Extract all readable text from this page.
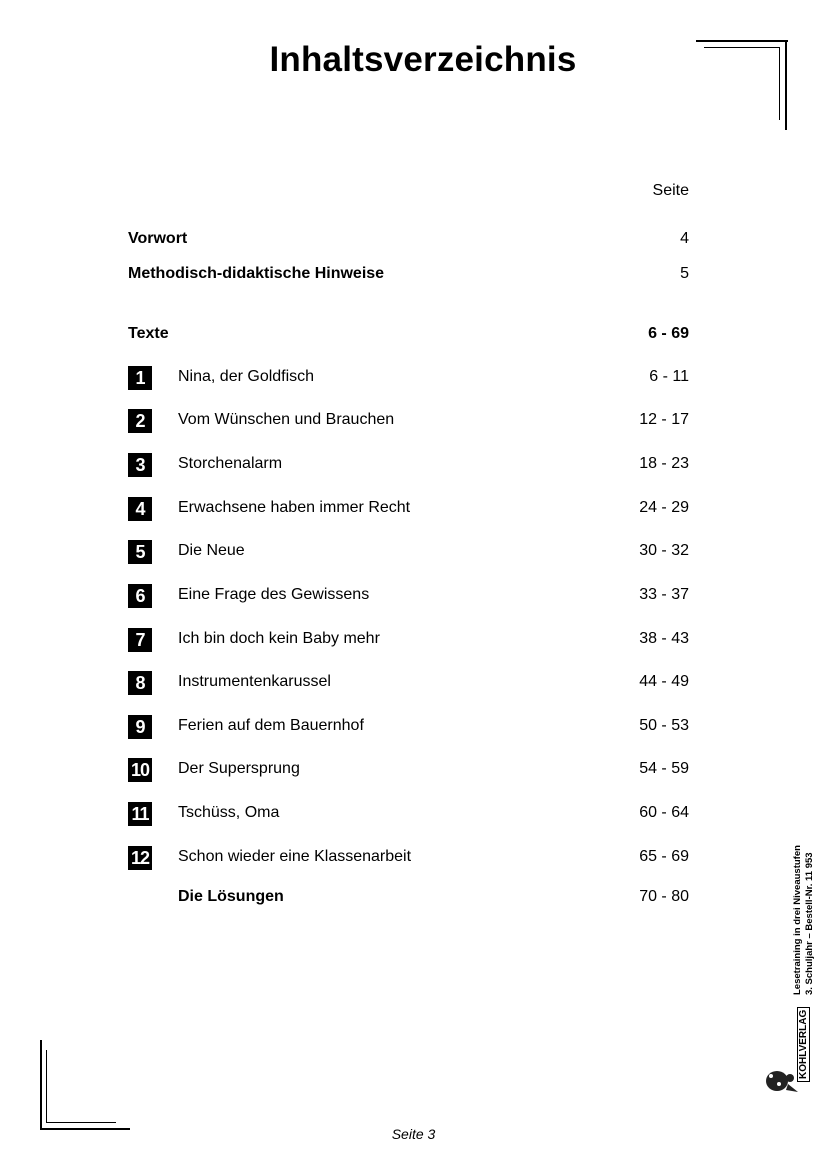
Inhaltsverzeichnis
Seite
Vorwort	4
Methodisch-didaktische Hinweise	5
Texte	6 - 69
1	Nina, der Goldfisch	6 - 11
2	Vom Wünschen und Brauchen	12 - 17
3	Storchenalarm	18 - 23
4	Erwachsene haben immer Recht	24 - 29
5	Die Neue	30 - 32
6	Eine Frage des Gewissens	33 - 37
7	Ich bin doch kein Baby mehr	38 - 43
8	Instrumentenkarussel	44 - 49
9	Ferien auf dem Bauernhof	50 - 53
10 Der Supersprung	54 - 59
11 Tschüss, Oma	60 - 64
12 Schon wieder eine Klassenarbeit	65 - 69
Die Lösungen	70 - 80	Lesetraining in drei Niveaustufen 3. Schuljahr – Bestell-Nr. 11 953
KOHLVERLAG
Seite 3
